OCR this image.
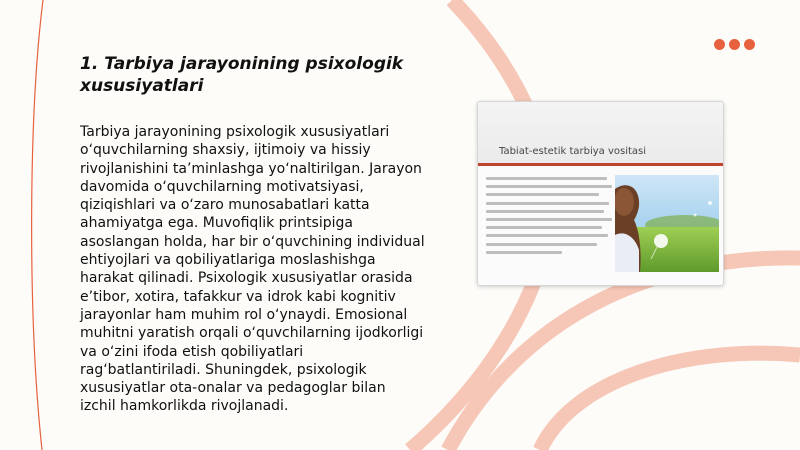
1. Tarbiya jarayonining psixologik xususiyatlari

Tarbiya jarayonining psixologik xususiyatlari o‘quvchilarning shaxsiy, ijtimoiy va hissiy rivojlanishini ta’minlashga yo‘naltirilgan. Jarayon davomida o‘quvchilarning motivatsiyasi, qiziqishlari va o‘zaro munosabatlari katta ahamiyatga ega. Muvofiqlik printsipiga asoslangan holda, har bir o‘quvchining individual ehtiyojlari va qobiliyatlariga moslashishga harakat qilinadi. Psixologik xususiyatlar orasida e’tibor, xotira, tafakkur va idrok kabi kognitiv jarayonlar ham muhim rol o‘ynaydi. Emosional muhitni yaratish orqali o‘quvchilarning ijodkorligi va o‘zini ifoda etish qobiliyatlari rag‘batlantiriladi. Shuningdek, psixologik xususiyatlar ota-onalar va pedagoglar bilan izchil hamkorlikda rivojlanadi.

Tabiat-estetik tarbiya vositasi
